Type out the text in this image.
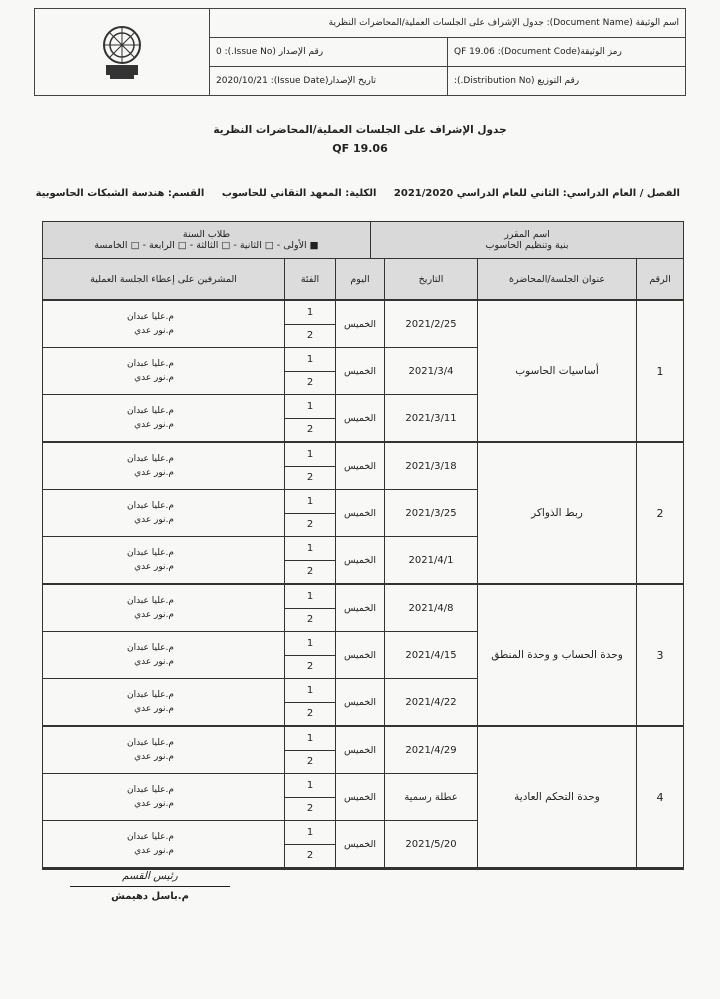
اسم الوثيقة (Document Name): جدول الإشراف على الجلسات العملية/المحاضرات النظرية
رقم الإصدار (Issue No.): 0	رمز الوثيقة(Document Code): QF 19.06
تاريخ الإصدار(Issue Date): 2020/10/21	رقم التوزيع (Distribution No.):
جدول الإشراف على الجلسات العملية/المحاضرات النظرية
QF 19.06
الفصل / العام الدراسي: الثاني للعام الدراسي 2021/2020 الكلية: المعهد التقاني للحاسوب القسم: هندسة الشبكات الحاسوبية
اسم المقرر
بنية وتنظيم الحاسوب
طلاب السنة
■ الأولى - □ الثانية - □ الثالثة - □ الرابعة - □ الخامسة
الرقم
عنوان الجلسة/المحاضرة
التاريخ
اليوم
الفئة
المشرفين على إعطاء الجلسة العملية
1
أساسيات الحاسوب
2021/2/25
الخميس
1
2
م.عليا عبدان
م.نور عدي
2021/3/4
الخميس
1
2
م.عليا عبدان
م.نور عدي
2021/3/11
الخميس
1
2
م.عليا عبدان
م.نور عدي
2
ربط الذواكر
2021/3/18
الخميس
1
2
م.عليا عبدان
م.نور عدي
2021/3/25
الخميس
1
2
م.عليا عبدان
م.نور عدي
2021/4/1
الخميس
1
2
م.عليا عبدان
م.نور عدي
3
وحدة الحساب و وحدة المنطق
2021/4/8
الخميس
1
2
م.عليا عبدان
م.نور عدي
2021/4/15
الخميس
1
2
م.عليا عبدان
م.نور عدي
2021/4/22
الخميس
1
2
م.عليا عبدان
م.نور عدي
4
وحدة التحكم العادية
2021/4/29
الخميس
1
2
م.عليا عبدان
م.نور عدي
عطلة رسمية
الخميس
1
2
م.عليا عبدان
م.نور عدي
2021/5/20
الخميس
1
2
م.عليا عبدان
م.نور عدي
رئيس القسم
م.باسل دهيمش
